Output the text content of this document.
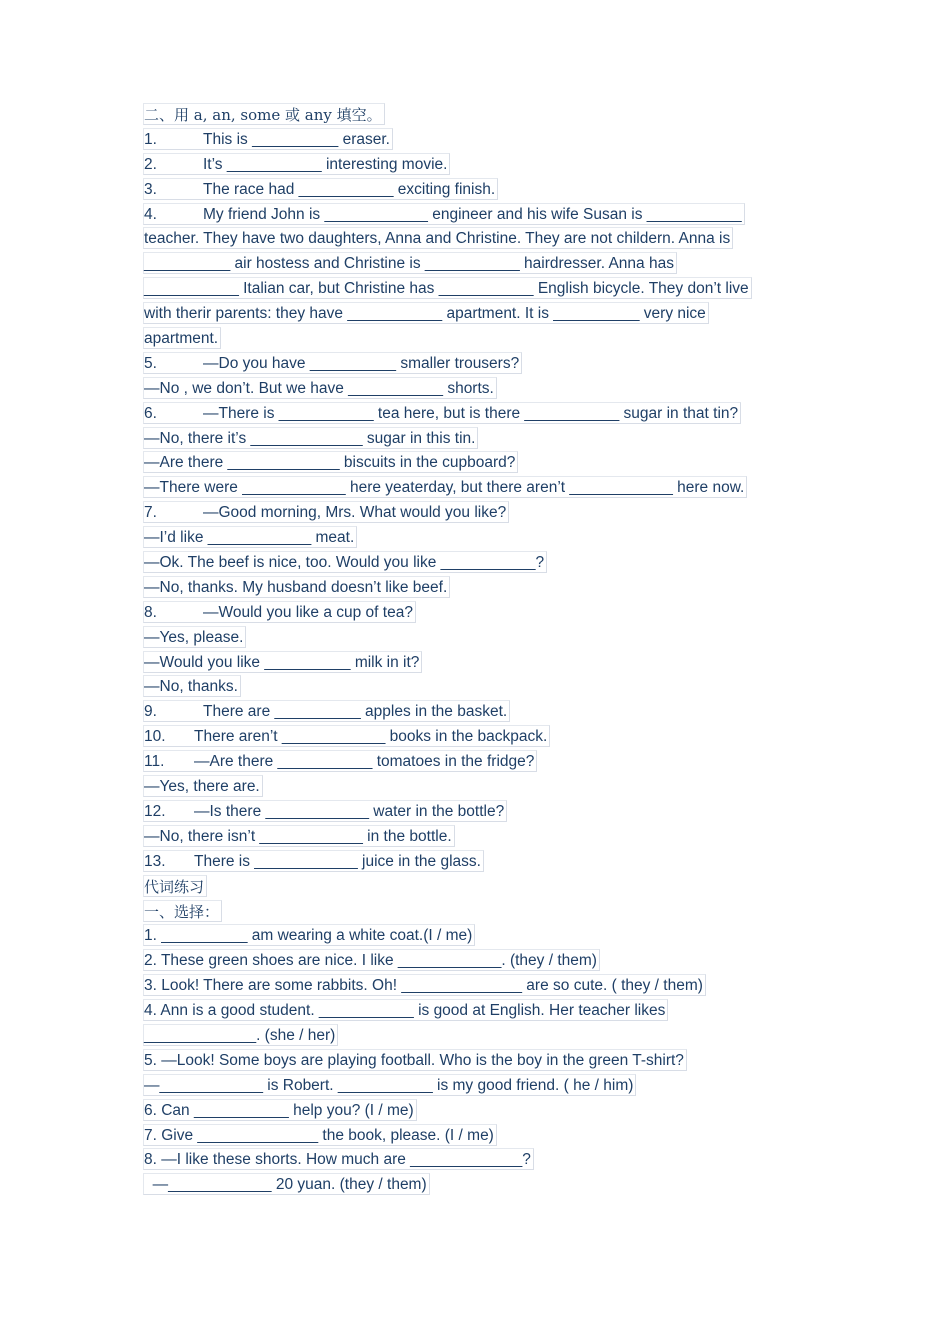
二、用 a, an, some 或 any 填空。
1.	This is __________ eraser.
2.	It’s ___________ interesting movie.
3.	The race had ___________ exciting finish.
4.	My friend John is ____________ engineer and his wife Susan is ___________
teacher. They have two daughters, Anna and Christine. They are not childern. Anna is
__________ air hostess and Christine is ___________ hairdresser. Anna has
___________ Italian car, but Christine has ___________ English bicycle. They don’t live
with therir parents: they have ___________ apartment. It is __________ very nice
apartment.
5.	—Do you have __________ smaller trousers?
—No , we don’t. But we have ___________ shorts.
6.	—There is ___________ tea here, but is there ___________ sugar in that tin?
—No, there it’s _____________ sugar in this tin.
—Are there _____________ biscuits in the cupboard?
—There were ____________ here yeaterday, but there aren’t ____________ here now.
7.	—Good morning, Mrs. What would you like?
—I’d like ____________ meat.
—Ok. The beef is nice, too. Would you like ___________?
—No, thanks. My husband doesn’t like beef.
8.	—Would you like a cup of tea?
—Yes, please.
—Would you like __________ milk in it?
—No, thanks.
9.	There are __________ apples in the basket.
10. There aren’t ____________ books in the backpack.
11. —Are there ___________ tomatoes in the fridge?
—Yes, there are.
12. —Is there ____________ water in the bottle?
—No, there isn’t ____________ in the bottle.
13. There is ____________ juice in the glass.
代词练习
一、选择：
1. __________ am wearing a white coat.(I / me)
2. These green shoes are nice. I like ____________. (they / them)
3. Look! There are some rabbits. Oh! ______________ are so cute. ( they / them)
4. Ann is a good student. ___________ is good at English. Her teacher likes
_____________. (she / her)
5. —Look! Some boys are playing football. Who is the boy in the green T-shirt?
—____________ is Robert. ___________ is my good friend. ( he / him)
6. Can ___________ help you? (I / me)
7. Give ______________ the book, please. (I / me)
8. —I like these shorts. How much are _____________?
—____________ 20 yuan. (they / them)
